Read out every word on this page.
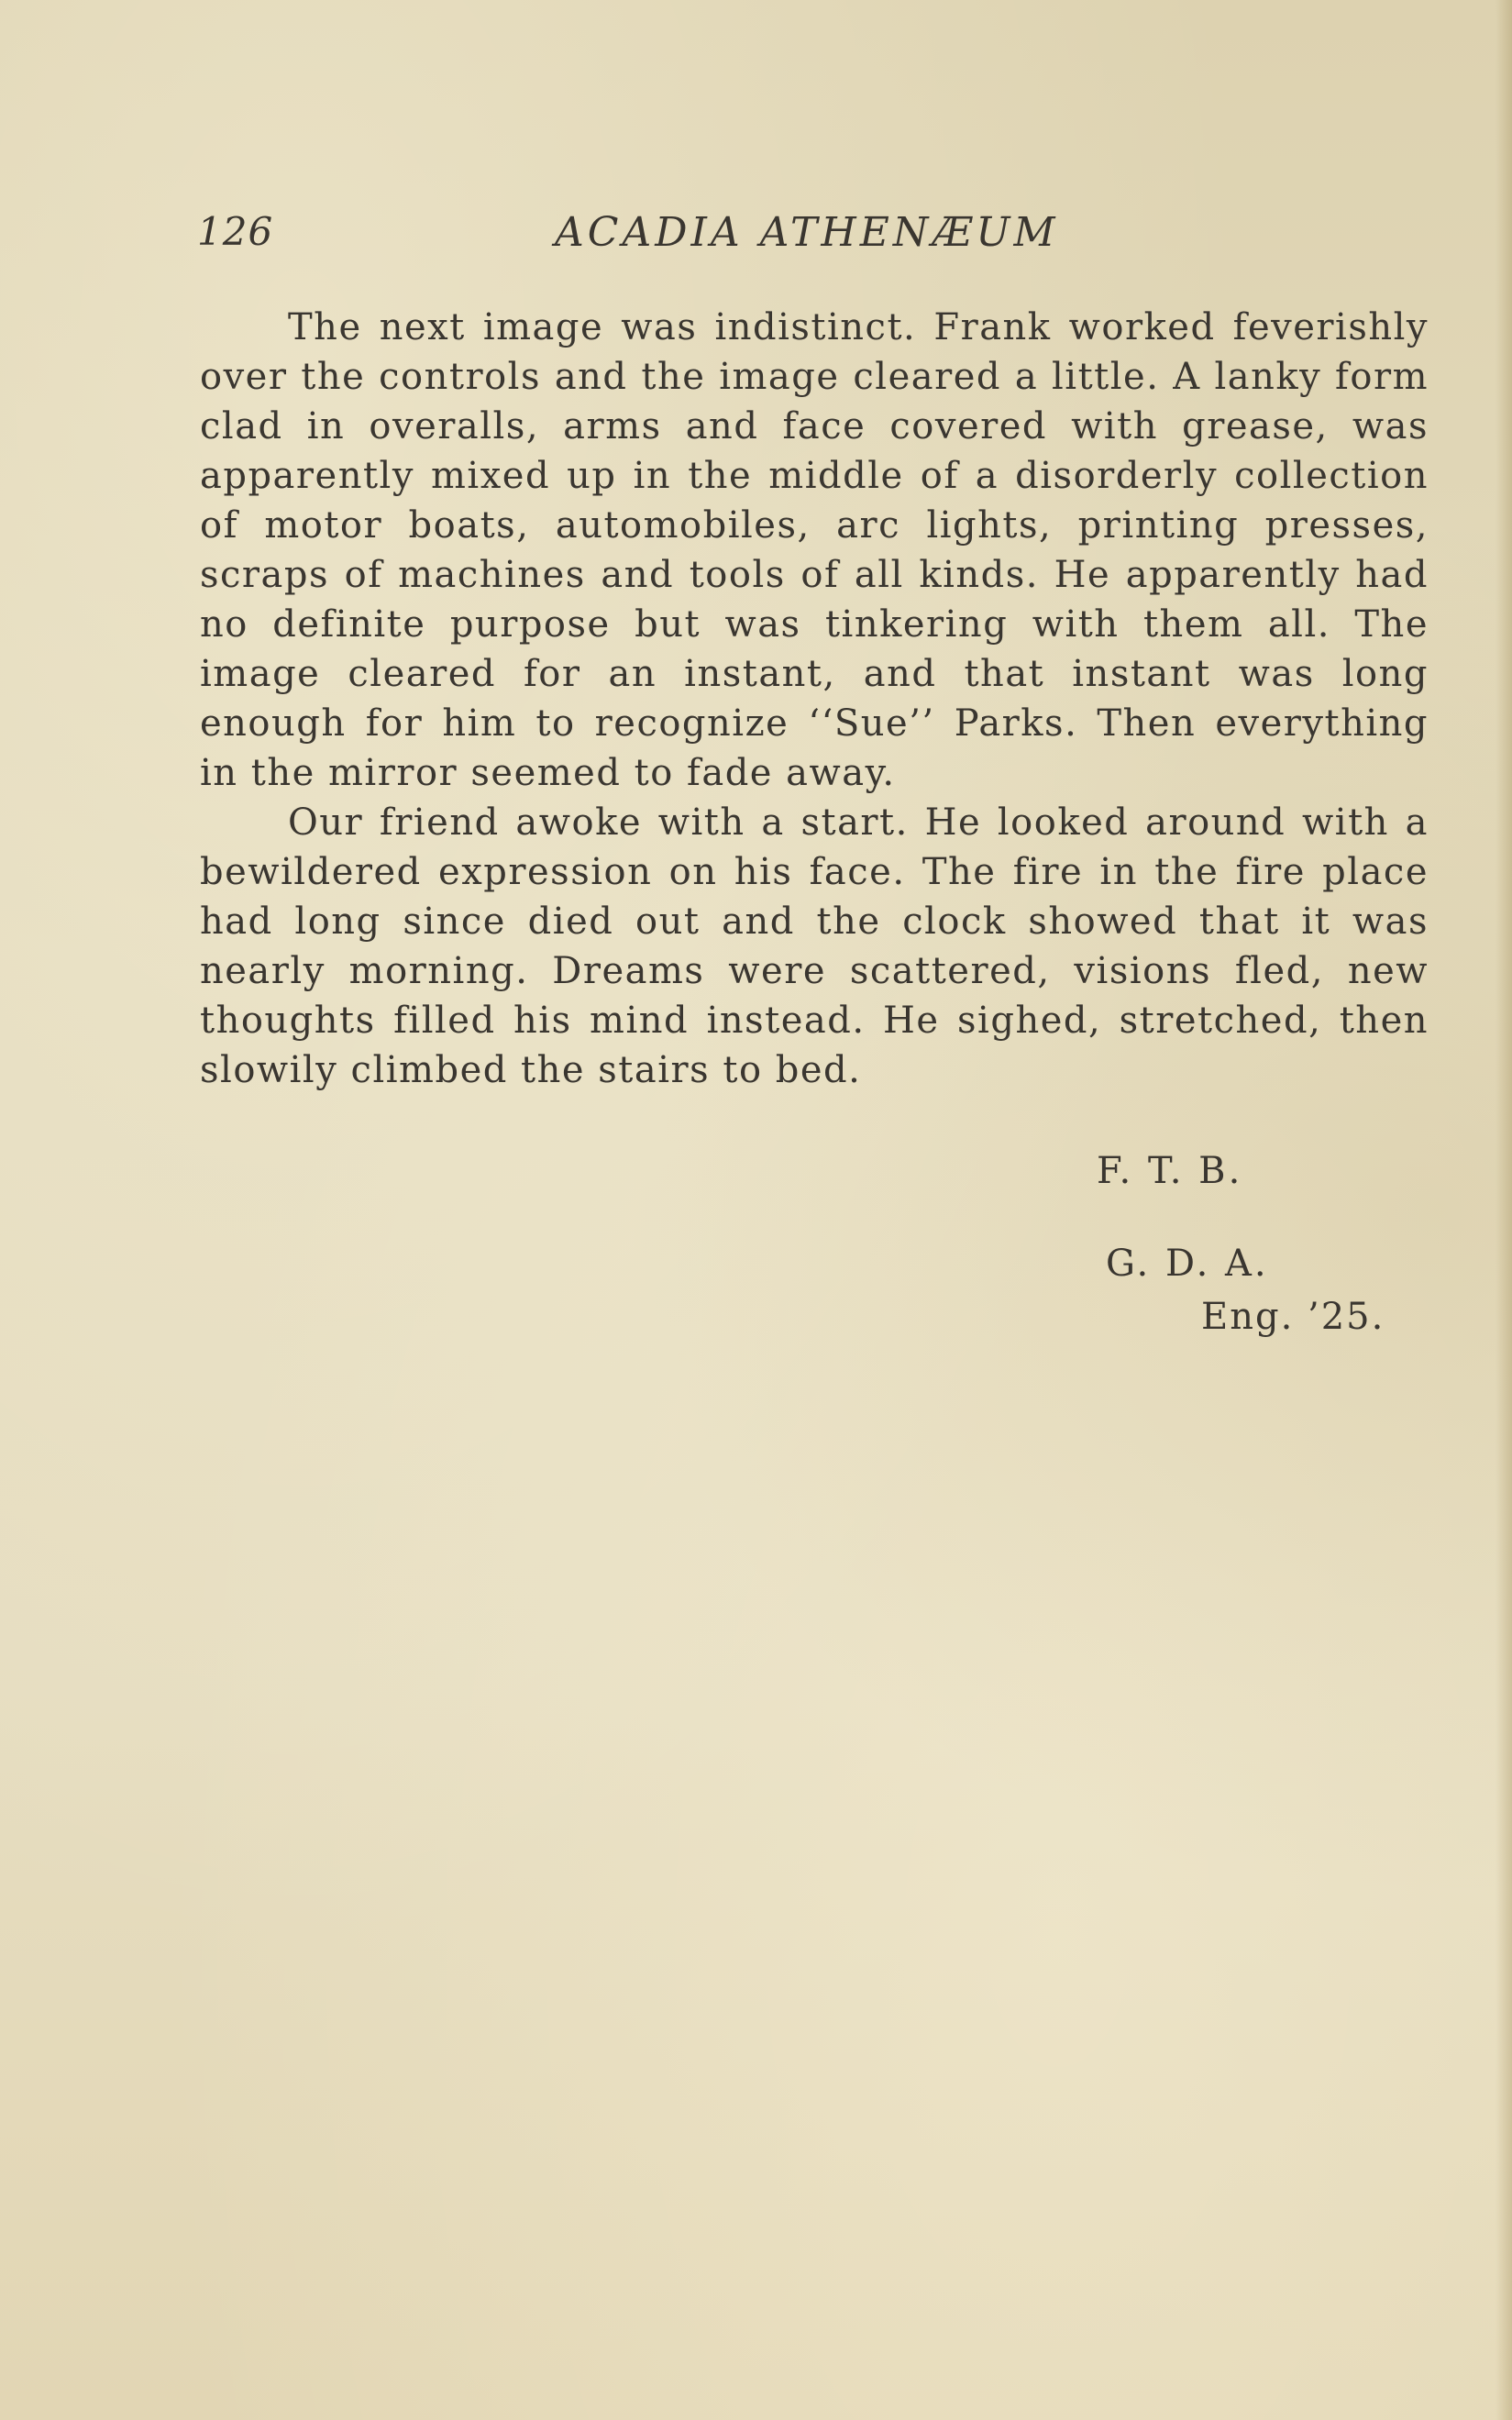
126	ACADIA ATHENÆUM

The next image was indistinct. Frank worked feverishly over the controls and the image cleared a little. A lanky form clad in overalls, arms and face covered with grease, was apparently mixed up in the middle of a disorderly collection of motor boats, automobiles, arc lights, printing presses, scraps of machines and tools of all kinds. He apparently had no definite purpose but was tinkering with them all. The image cleared for an instant, and that instant was long enough for him to recognize ‘‘Sue’’ Parks. Then everything in the mirror seemed to fade away.

Our friend awoke with a start. He looked around with a bewildered expression on his face. The fire in the fire place had long since died out and the clock showed that it was nearly morning. Dreams were scattered, visions fled, new thoughts filled his mind instead. He sighed, stretched, then slowily climbed the stairs to bed.

F. T. B.
G. D. A.
Eng. ’25.
